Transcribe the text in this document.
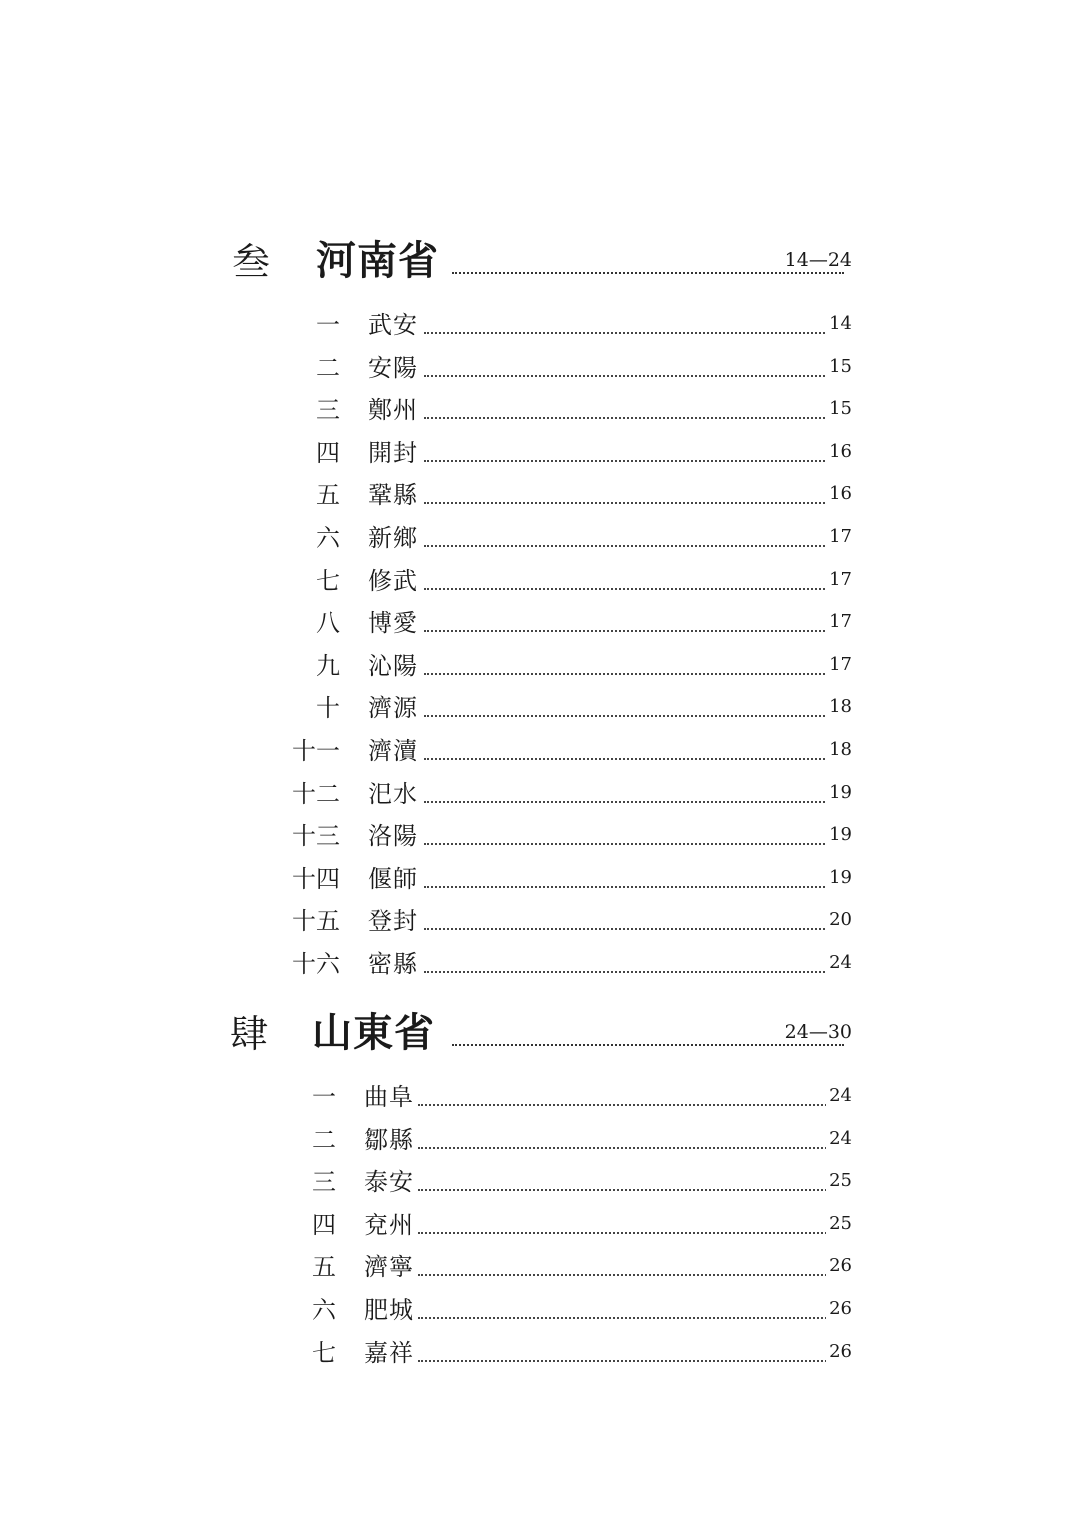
叁 河南省	14—24
一 武安	14
二 安陽	15
三 鄭州	15
四 開封	16
五 鞏縣	16
六 新鄉	17
七 修武	17
八 博愛	17
九 沁陽	17
十 濟源	18
十一 濟瀆	18
十二 汜水	19
十三 洛陽	19
十四 偃師	19
十五 登封	20
十六 密縣	24
肆 山東省	24—30
一 曲阜	24
二 鄒縣	24
三 泰安	25
四 兗州	25
五 濟寧	26
六 肥城	26
七 嘉祥	26
